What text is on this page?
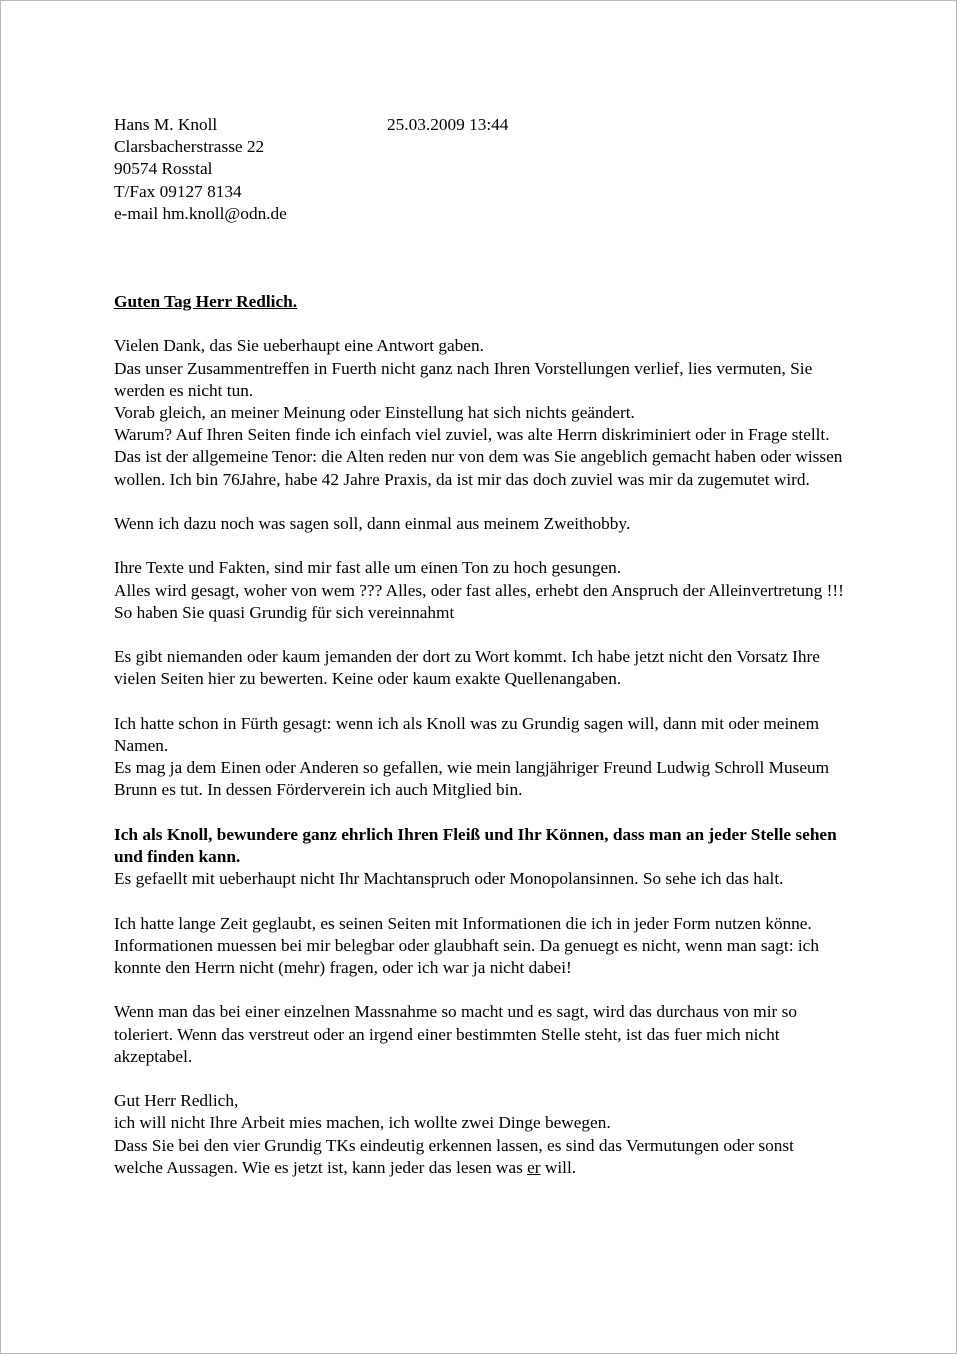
Hans M. Knoll
Clarsbacherstrasse 22
90574 Rosstal
T/Fax 09127 8134
e-mail hm.knoll@odn.de
25.03.2009 13:44
Guten Tag Herr Redlich.

Vielen Dank, das Sie ueberhaupt eine Antwort gaben.

Das unser Zusammentreffen in Fuerth nicht ganz nach Ihren Vorstellungen verlief, lies vermuten, Sie werden es nicht tun.

Vorab gleich, an meiner Meinung oder Einstellung hat sich nichts geändert.

Warum? Auf Ihren Seiten finde ich einfach viel zuviel, was alte Herrn diskriminiert oder in Frage stellt.

Das ist der allgemeine Tenor: die Alten reden nur von dem was Sie angeblich gemacht haben oder wissen wollen. Ich bin 76Jahre, habe 42 Jahre Praxis, da ist mir das doch zuviel was mir da zugemutet wird.

Wenn ich dazu noch was sagen soll, dann einmal aus meinem Zweithobby.

Ihre Texte und Fakten, sind mir fast alle um einen Ton zu hoch gesungen.

Alles wird gesagt, woher von wem ??? Alles, oder fast alles, erhebt den Anspruch der Alleinvertretung !!! So haben Sie quasi Grundig für sich vereinnahmt

Es gibt niemanden oder kaum jemanden der dort zu Wort kommt. Ich habe jetzt nicht den Vorsatz Ihre vielen Seiten hier zu bewerten. Keine oder kaum exakte Quellenangaben.

Ich hatte schon in Fürth gesagt: wenn ich als Knoll was zu Grundig sagen will, dann mit oder meinem Namen.

Es mag ja dem Einen oder Anderen so gefallen, wie mein langjähriger Freund Ludwig Schroll Museum Brunn es tut. In dessen Förderverein ich auch Mitglied bin.

Ich als Knoll, bewundere ganz ehrlich Ihren Fleiß und Ihr Können, dass man an jeder Stelle sehen und finden kann.

Es gefaellt mit ueberhaupt nicht Ihr Machtanspruch oder Monopolansinnen. So sehe ich das halt.

Ich hatte lange Zeit geglaubt, es seinen Seiten mit Informationen die ich in jeder Form nutzen könne. Informationen muessen bei mir belegbar oder glaubhaft sein. Da genuegt es nicht, wenn man sagt: ich konnte den Herrn nicht (mehr) fragen, oder ich war ja nicht dabei!

Wenn man das bei einer einzelnen Massnahme so macht und es sagt, wird das durchaus von mir so toleriert. Wenn das verstreut oder an irgend einer bestimmten Stelle steht, ist das fuer mich nicht akzeptabel.

Gut Herr Redlich,

ich will nicht Ihre Arbeit mies machen, ich wollte zwei Dinge bewegen.

Dass Sie bei den vier Grundig TKs eindeutig erkennen lassen, es sind das Vermutungen oder sonst welche Aussagen. Wie es jetzt ist, kann jeder das lesen was er will.
